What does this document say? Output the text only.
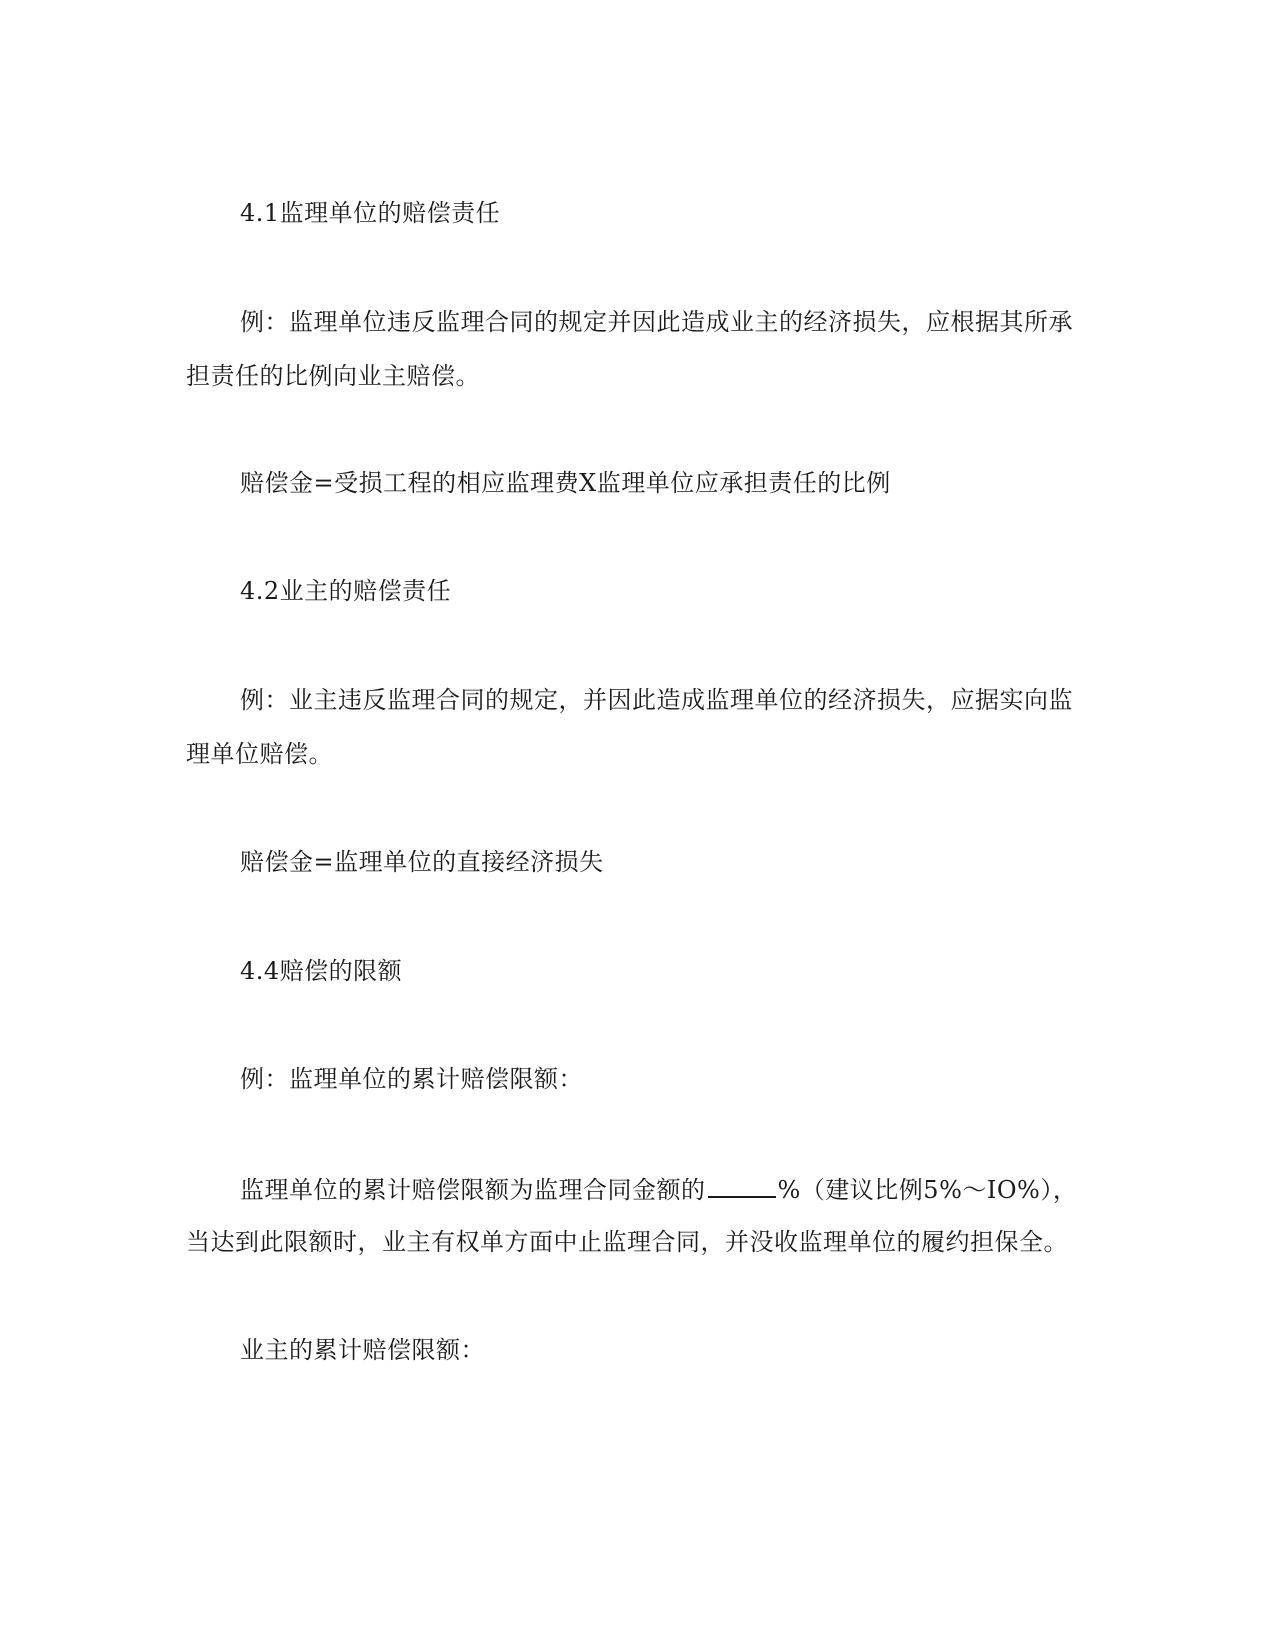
4.1监理单位的赔偿责任
例：监理单位违反监理合同的规定并因此造成业主的经济损失，应根据其所承
担责任的比例向业主赔偿。
赔偿金=受损工程的相应监理费X监理单位应承担责任的比例
4.2业主的赔偿责任
例：业主违反监理合同的规定，并因此造成监理单位的经济损失，应据实向监
理单位赔偿。
赔偿金=监理单位的直接经济损失
4.4赔偿的限额
例：监理单位的累计赔偿限额：
监理单位的累计赔偿限额为监理合同金额的	%（建议比例5%～IO%），
当达到此限额时，业主有权单方面中止监理合同，并没收监理单位的履约担保全。
业主的累计赔偿限额：
